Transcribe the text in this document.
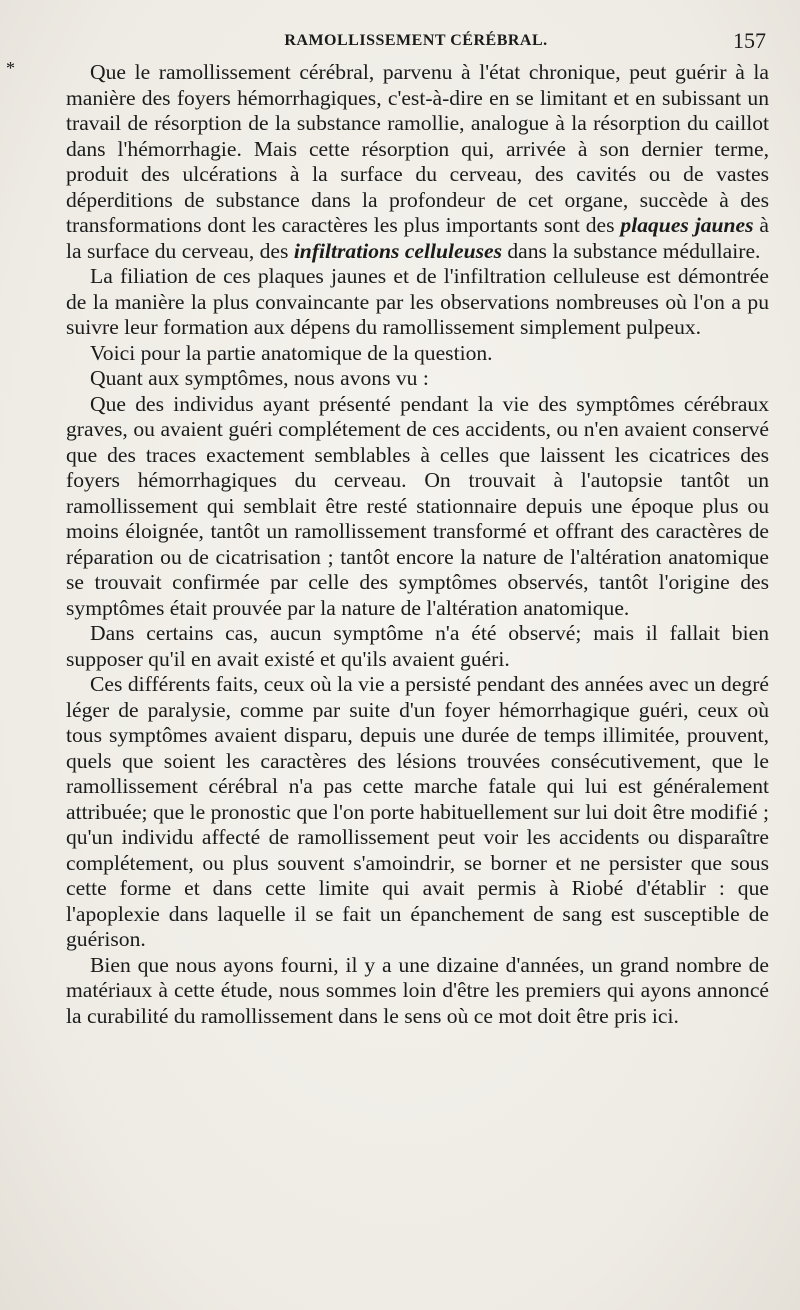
RAMOLLISSEMENT CÉRÉBRAL.	157
*	Que le ramollissement cérébral, parvenu à l'état chronique, peut guérir à la manière des foyers hémorrhagiques, c'est-à-dire en se limitant et en subissant un travail de résorption de la substance ramollie, analogue à la résorption du caillot dans l'hémorrhagie. Mais cette résorption qui, arrivée à son dernier terme, produit des ulcérations à la surface du cerveau, des cavités ou de vastes déperditions de substance dans la profondeur de cet organe, succède à des transformations dont les caractères les plus importants sont des plaques jaunes à la surface du cerveau, des infiltrations celluleuses dans la substance médullaire.

La filiation de ces plaques jaunes et de l'infiltration celluleuse est démontrée de la manière la plus convaincante par les observations nombreuses où l'on a pu suivre leur formation aux dépens du ramollissement simplement pulpeux.

Voici pour la partie anatomique de la question.

Quant aux symptômes, nous avons vu :

Que des individus ayant présenté pendant la vie des symptômes cérébraux graves, ou avaient guéri complétement de ces accidents, ou n'en avaient conservé que des traces exactement semblables à celles que laissent les cicatrices des foyers hémorrhagiques du cerveau. On trouvait à l'autopsie tantôt un ramollissement qui semblait être resté stationnaire depuis une époque plus ou moins éloignée, tantôt un ramollissement transformé et offrant des caractères de réparation ou de cicatrisation ; tantôt encore la nature de l'altération anatomique se trouvait confirmée par celle des symptômes observés, tantôt l'origine des symptômes était prouvée par la nature de l'altération anatomique.

Dans certains cas, aucun symptôme n'a été observé; mais il fallait bien supposer qu'il en avait existé et qu'ils avaient guéri.

Ces différents faits, ceux où la vie a persisté pendant des années avec un degré léger de paralysie, comme par suite d'un foyer hémorrhagique guéri, ceux où tous symptômes avaient disparu, depuis une durée de temps illimitée, prouvent, quels que soient les caractères des lésions trouvées consécutivement, que le ramollissement cérébral n'a pas cette marche fatale qui lui est généralement attribuée; que le pronostic que l'on porte habituellement sur lui doit être modifié ; qu'un individu affecté de ramollissement peut voir les accidents ou disparaître complétement, ou plus souvent s'amoindrir, se borner et ne persister que sous cette forme et dans cette limite qui avait permis à Riobé d'établir : que l'apoplexie dans laquelle il se fait un épanchement de sang est susceptible de guérison.

Bien que nous ayons fourni, il y a une dizaine d'années, un grand nombre de matériaux à cette étude, nous sommes loin d'être les premiers qui ayons annoncé la curabilité du ramollissement dans le sens où ce mot doit être pris ici.
